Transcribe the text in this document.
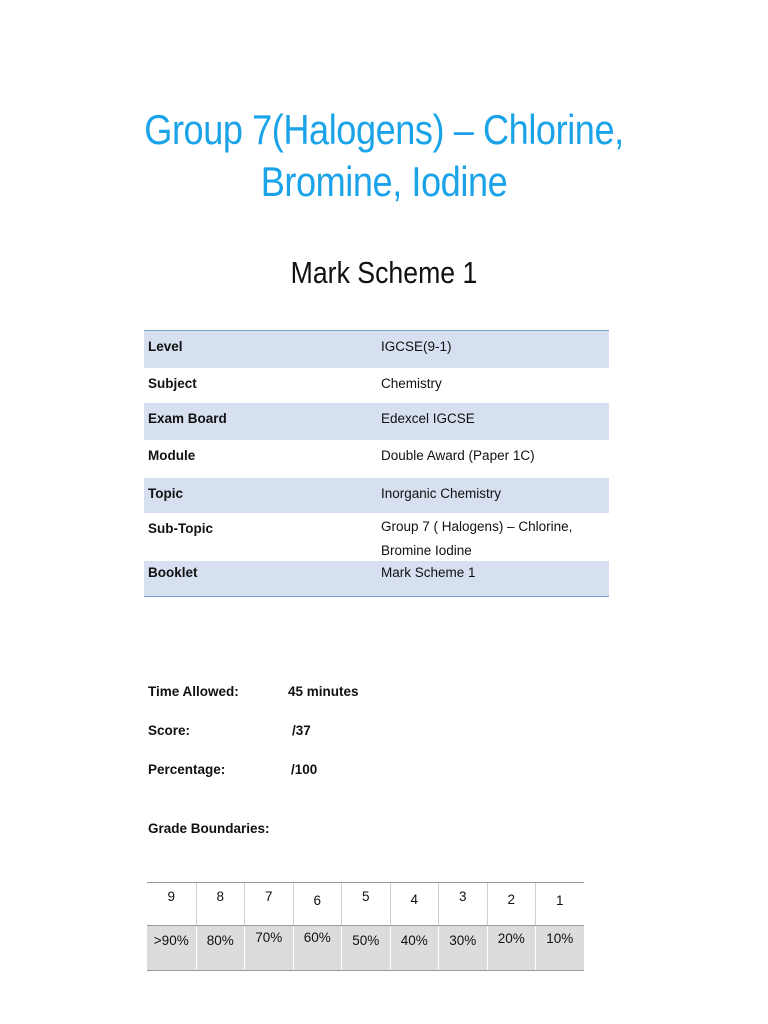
Group 7(Halogens) – Chlorine,
Bromine, Iodine
Mark Scheme 1
Level	IGCSE(9-1)
Subject	Chemistry
Exam Board	Edexcel IGCSE
Module	Double Award (Paper 1C)
Topic	Inorganic Chemistry
Sub-Topic	Group 7 ( Halogens) – Chlorine, Bromine Iodine
Booklet	Mark Scheme 1
Time Allowed:	45 minutes
Score:	/37
Percentage:	/100
Grade Boundaries:
9	8	7	6	5	4	3	2	1
>90%	80%	70%	60%	50%	40%	30%	20%	10%
